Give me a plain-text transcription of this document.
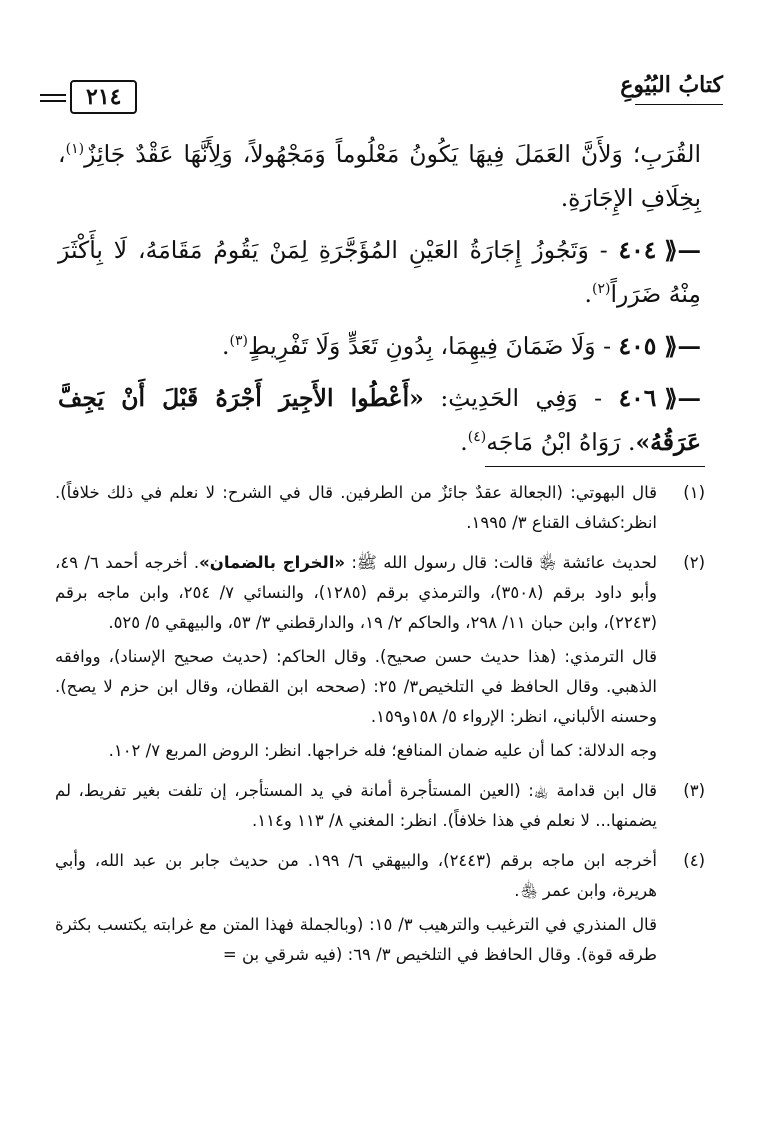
كتابُ البُيُوعِ
٢١٤

القُرَبِ؛ وَلأَنَّ العَمَلَ فِيهَا يَكُونُ مَعْلُوماً وَمَجْهُولاً، وَلِأَنَّهَا عَقْدٌ جَائِزٌ$^{(١)}$، بِخِلَافِ الإِجَارَةِ.

—⟪٤٠٤ - وَتَجُوزُ إِجَارَةُ العَيْنِ المُؤَجَّرَةِ لِمَنْ يَقُومُ مَقَامَهُ، لَا بِأَكْثَرَ مِنْهُ ضَرَراً$^{(٢)}$.

—⟪٤٠٥ - وَلَا ضَمَانَ فِيهِمَا، بِدُونِ تَعَدٍّ وَلَا تَفْرِيطٍ$^{(٣)}$.

—⟪٤٠٦ - وَفِي الحَدِيثِ: «أَعْطُوا الأَجِيرَ أَجْرَهُ قَبْلَ أَنْ يَجِفَّ عَرَقُهُ». رَوَاهُ ابْنُ مَاجَه$^{(٤)}$.

(١)

قال البهوتي: (الجعالة عقدٌ جائزٌ من الطرفين. قال في الشرح: لا نعلم في ذلك خلافاً). انظر:كشاف القناع ٣/ ١٩٩٥.

(٢)

لحديث عائشة ﵂ قالت: قال رسول الله ﷺ: «الخراج بالضمان». أخرجه أحمد ٦/ ٤٩، وأبو داود برقم (٣٥٠٨)، والترمذي برقم (١٢٨٥)، والنسائي ٧/ ٢٥٤، وابن ماجه برقم (٢٢٤٣)، وابن حبان ١١/ ٢٩٨، والحاكم ٢/ ١٩، والدارقطني ٣/ ٥٣، والبيهقي ٥/ ٥٢٥.

قال الترمذي: (هذا حديث حسن صحيح). وقال الحاكم: (حديث صحيح الإسناد)، ووافقه الذهبي. وقال الحافظ في التلخيص٣/ ٢٥: (صححه ابن القطان، وقال ابن حزم لا يصح). وحسنه الألباني، انظر: الإرواء ٥/ ١٥٨و١٥٩.

وجه الدلالة: كما أن عليه ضمان المنافع؛ فله خراجها. انظر: الروض المربع ٧/ ١٠٢.

(٣)

قال ابن قدامة ﵀: (العين المستأجرة أمانة في يد المستأجر، إن تلفت بغير تفريط، لم يضمنها... لا نعلم في هذا خلافاً). انظر: المغني ٨/ ١١٣ و١١٤.

(٤)

أخرجه ابن ماجه برقم (٢٤٤٣)، والبيهقي ٦/ ١٩٩. من حديث جابر بن عبد الله، وأبي هريرة، وابن عمر ﵃.

قال المنذري في الترغيب والترهيب ٣/ ١٥: (وبالجملة فهذا المتن مع غرابته يكتسب بكثرة طرقه قوة). وقال الحافظ في التلخيص ٣/ ٦٩: (فيه شرقي بن =
